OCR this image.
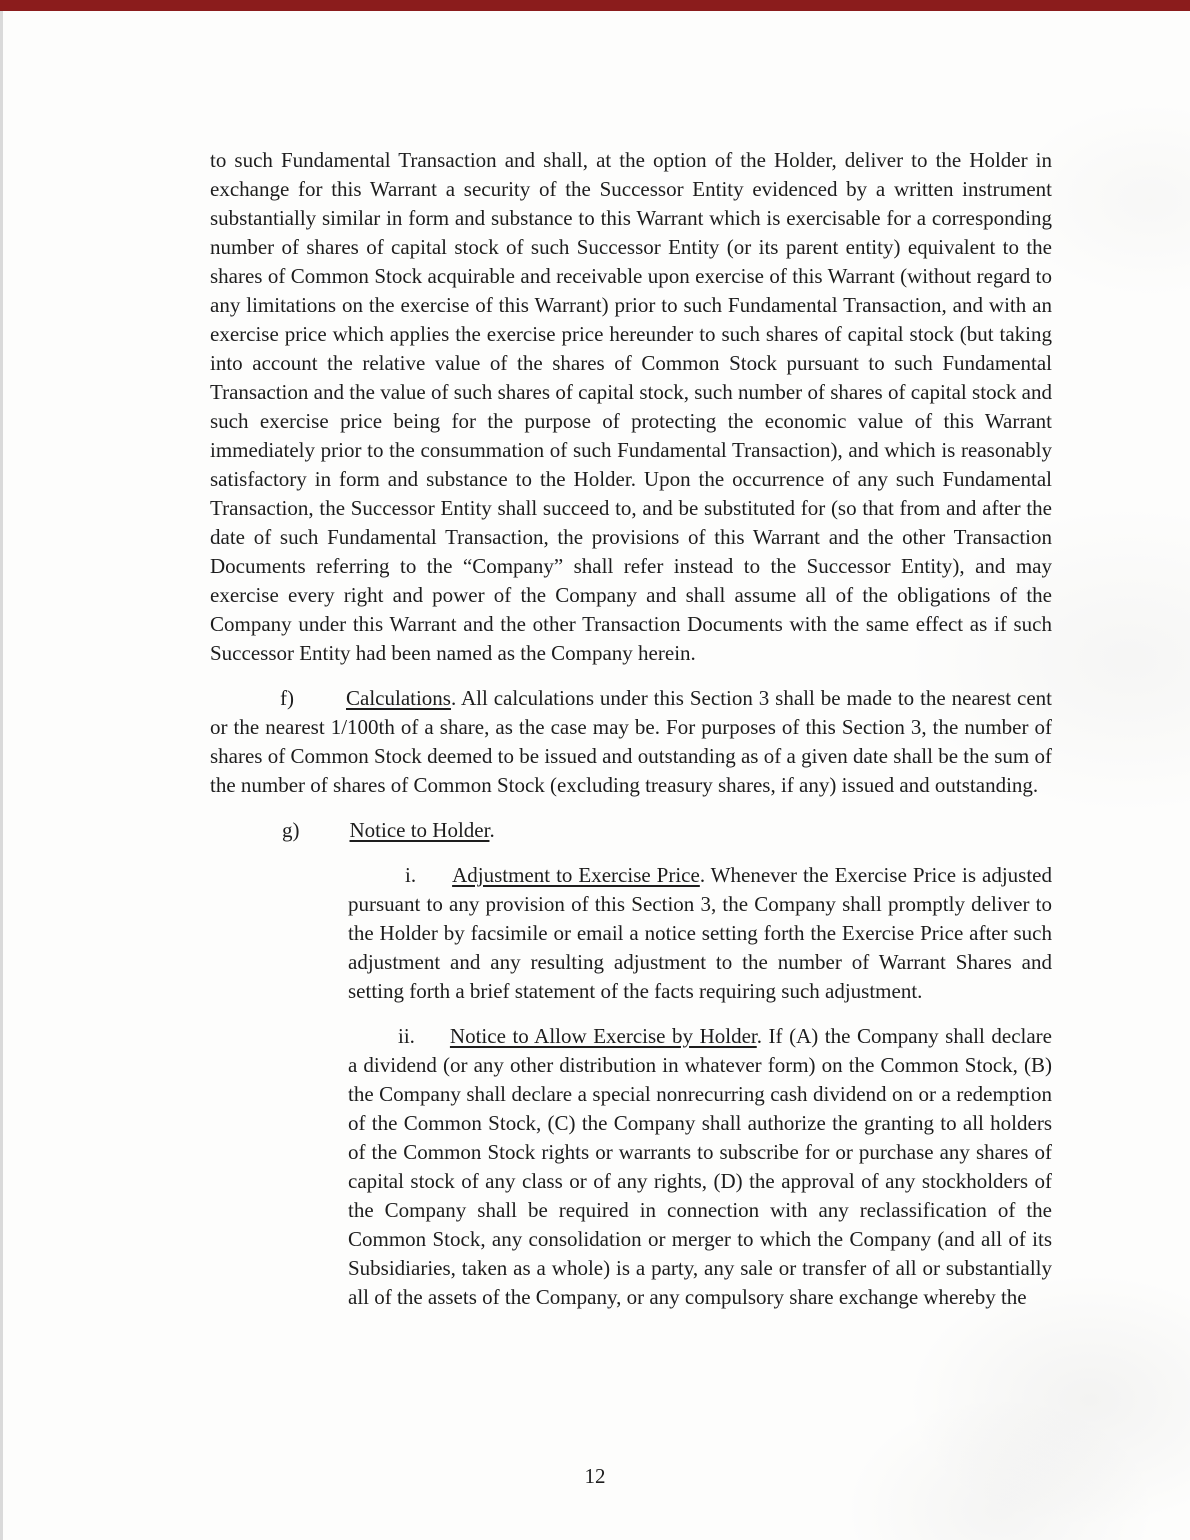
to such Fundamental Transaction and shall, at the option of the Holder, deliver to the Holder in exchange for this Warrant a security of the Successor Entity evidenced by a written instrument substantially similar in form and substance to this Warrant which is exercisable for a corresponding number of shares of capital stock of such Successor Entity (or its parent entity) equivalent to the shares of Common Stock acquirable and receivable upon exercise of this Warrant (without regard to any limitations on the exercise of this Warrant) prior to such Fundamental Transaction, and with an exercise price which applies the exercise price hereunder to such shares of capital stock (but taking into account the relative value of the shares of Common Stock pursuant to such Fundamental Transaction and the value of such shares of capital stock, such number of shares of capital stock and such exercise price being for the purpose of protecting the economic value of this Warrant immediately prior to the consummation of such Fundamental Transaction), and which is reasonably satisfactory in form and substance to the Holder. Upon the occurrence of any such Fundamental Transaction, the Successor Entity shall succeed to, and be substituted for (so that from and after the date of such Fundamental Transaction, the provisions of this Warrant and the other Transaction Documents referring to the “Company” shall refer instead to the Successor Entity), and may exercise every right and power of the Company and shall assume all of the obligations of the Company under this Warrant and the other Transaction Documents with the same effect as if such Successor Entity had been named as the Company herein.

f) Calculations. All calculations under this Section 3 shall be made to the nearest cent or the nearest 1/100th of a share, as the case may be. For purposes of this Section 3, the number of shares of Common Stock deemed to be issued and outstanding as of a given date shall be the sum of the number of shares of Common Stock (excluding treasury shares, if any) issued and outstanding.

g) Notice to Holder.

i. Adjustment to Exercise Price. Whenever the Exercise Price is adjusted pursuant to any provision of this Section 3, the Company shall promptly deliver to the Holder by facsimile or email a notice setting forth the Exercise Price after such adjustment and any resulting adjustment to the number of Warrant Shares and setting forth a brief statement of the facts requiring such adjustment.

ii. Notice to Allow Exercise by Holder. If (A) the Company shall declare a dividend (or any other distribution in whatever form) on the Common Stock, (B) the Company shall declare a special nonrecurring cash dividend on or a redemption of the Common Stock, (C) the Company shall authorize the granting to all holders of the Common Stock rights or warrants to subscribe for or purchase any shares of capital stock of any class or of any rights, (D) the approval of any stockholders of the Company shall be required in connection with any reclassification of the Common Stock, any consolidation or merger to which the Company (and all of its Subsidiaries, taken as a whole) is a party, any sale or transfer of all or substantially all of the assets of the Company, or any compulsory share exchange whereby the

12
